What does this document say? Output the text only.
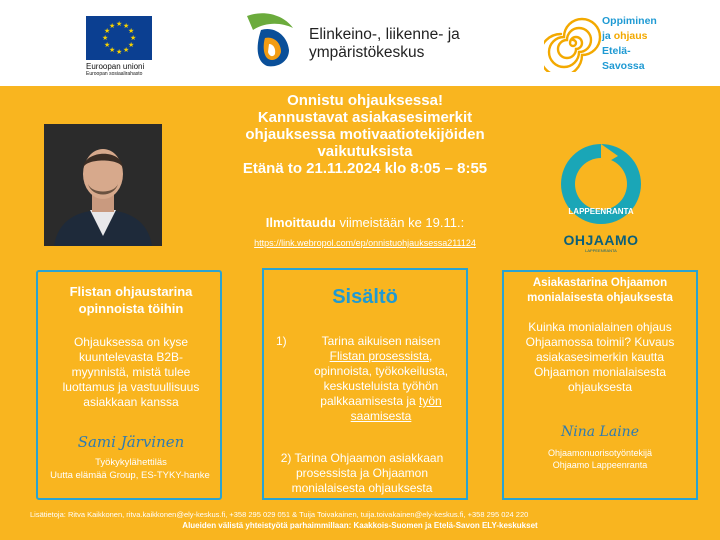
★ ★
★
★
★
★
★
★
★
★
★
★
Euroopan unioni
Euroopan sosiaalirahasto
Elinkeino-, liikenne- ja
ympäristökeskus
Oppiminen
ja ohjaus
Etelä-
Savossa
Onnistu ohjauksessa!
Kannustavat asiakasesimerkit
ohjauksessa motivaatiotekijöiden
vaikutuksista
Etänä to 21.11.2024 klo 8:05 – 8:55
Ilmoittaudu viimeistään ke 19.11.:
https://link.webropol.com/ep/onnistuohjauksessa211124
LAPPEENRANTA
OHJAAMO
LAPPEENRANTA
Flistan ohjaustarina
opinnoista töihin
Ohjauksessa on kyse
kuuntelevasta B2B-
myynnistä, mistä tulee
luottamus ja vastuullisuus
asiakkaan kanssa
Sami Järvinen
Työkykylähettiläs
Uutta elämää Group, ES-TYKY-hanke
Sisältö
1)	Tarina aikuisen naisen
Flistan prosessista,
opinnoista, työkokeilusta,
keskusteluista työhön
palkkaamisesta ja työn
saamisesta
2) Tarina Ohjaamon asiakkaan
prosessista ja Ohjaamon
monialaisesta ohjauksesta
Asiakastarina Ohjaamon
monialaisesta ohjauksesta
Kuinka monialainen ohjaus
Ohjaamossa toimii? Kuvaus
asiakasesimerkin kautta
Ohjaamon monialaisesta
ohjauksesta
Nina Laine
Ohjaamonuorisotyöntekijä
Ohjaamo Lappeenranta
Lisätietoja: Ritva Kaikkonen, ritva.kaikkonen@ely-keskus.fi, +358 295 029 051 & Tuija Toivakainen, tuija.toivakainen@ely-keskus.fi, +358 295 024 220
Alueiden välistä yhteistyötä parhaimmillaan: Kaakkois-Suomen ja Etelä-Savon ELY-keskukset
